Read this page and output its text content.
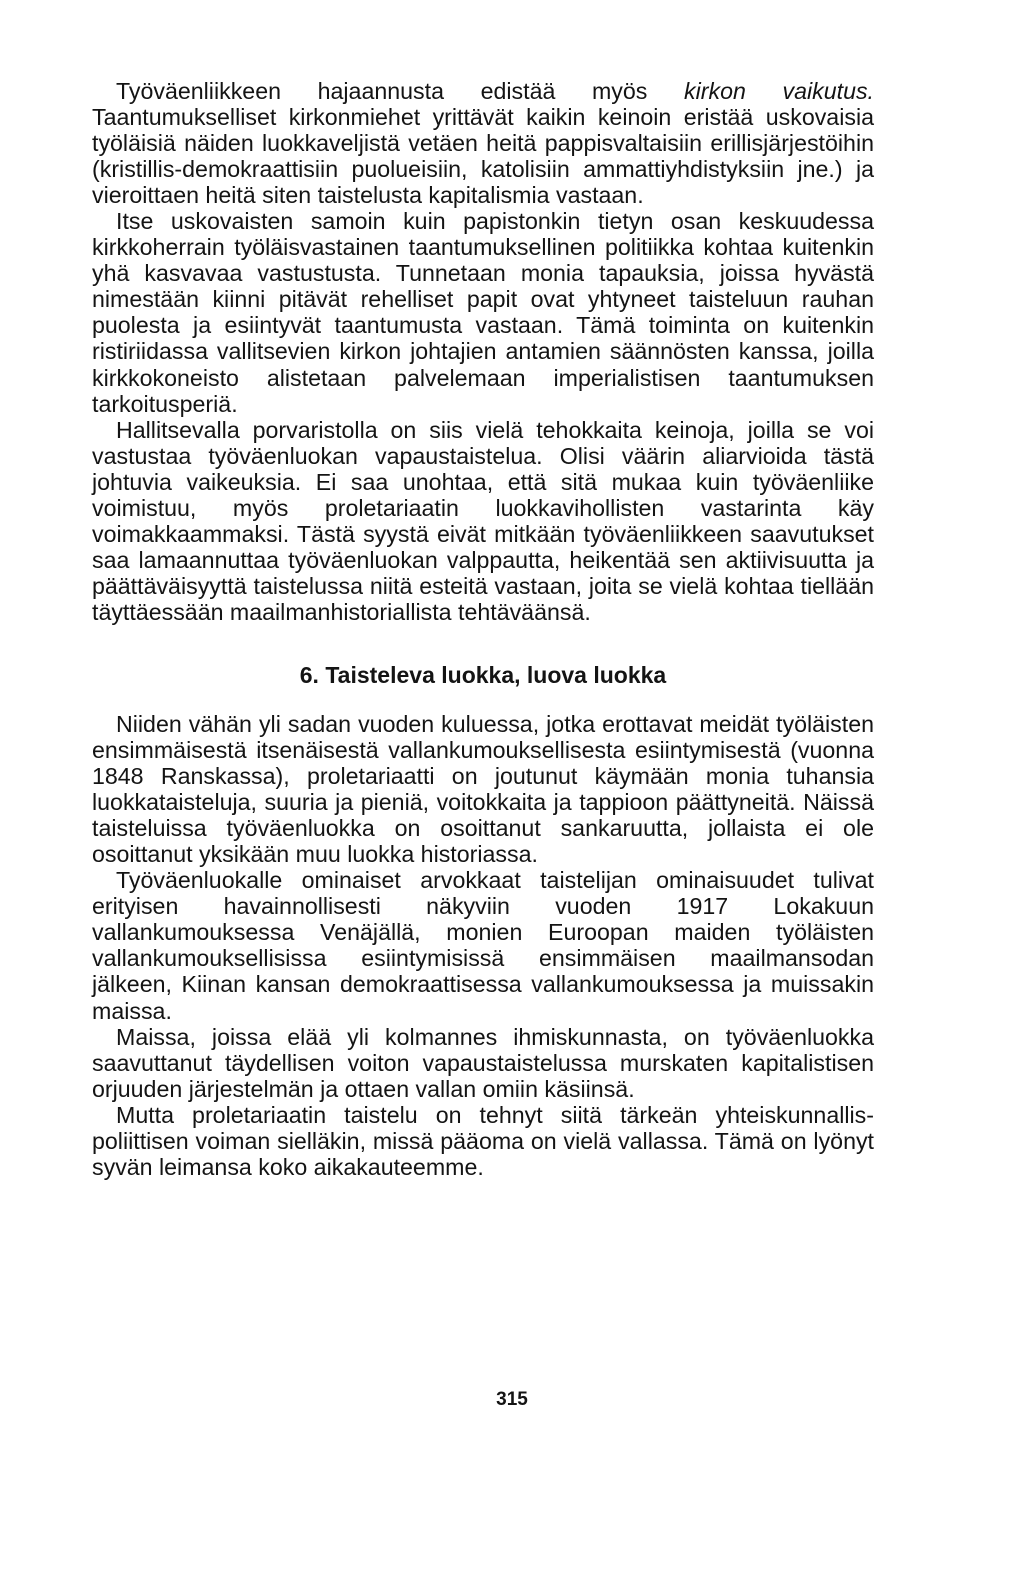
Työväenliikkeen hajaannusta edistää myös kirkon vaikutus. Taantumukselliset kirkonmiehet yrittävät kaikin keinoin eristää uskovaisia työläisiä näiden luokkaveljistä vetäen heitä pappisvaltaisiin erillisjärjestöihin (kristillis-demokraattisiin puolueisiin, katolisiin ammattiyhdistyksiin jne.) ja vieroittaen heitä siten taistelusta kapitalismia vastaan.

Itse uskovaisten samoin kuin papistonkin tietyn osan keskuudessa kirkkoherrain työläisvastainen taantumuksellinen politiikka kohtaa kuitenkin yhä kasvavaa vastustusta. Tunnetaan monia tapauksia, joissa hyvästä nimestään kiinni pitävät rehelliset papit ovat yhtyneet taisteluun rauhan puolesta ja esiintyvät taantumusta vastaan. Tämä toiminta on kuitenkin ristiriidassa vallitsevien kirkon johtajien antamien säännösten kanssa, joilla kirkkokoneisto alistetaan palvelemaan imperialistisen taantumuksen tarkoitusperiä.

Hallitsevalla porvaristolla on siis vielä tehokkaita keinoja, joilla se voi vastustaa työväenluokan vapaustaistelua. Olisi väärin aliarvioida tästä johtuvia vaikeuksia. Ei saa unohtaa, että sitä mukaa kuin työväenliike voimistuu, myös proletariaatin luokkavihollisten vastarinta käy voimakkaammaksi. Tästä syystä eivät mitkään työväenliikkeen saavutukset saa lamaannuttaa työväenluokan valppautta, heikentää sen aktiivisuutta ja päättäväisyyttä taistelussa niitä esteitä vastaan, joita se vielä kohtaa tiellään täyttäessään maailmanhistoriallista tehtäväänsä.

6. Taisteleva luokka, luova luokka

Niiden vähän yli sadan vuoden kuluessa, jotka erottavat meidät työläisten ensimmäisestä itsenäisestä vallankumouksellisesta esiintymisestä (vuonna 1848 Ranskassa), proletariaatti on joutunut käymään monia tuhansia luokkataisteluja, suuria ja pieniä, voitokkaita ja tappioon päättyneitä. Näissä taisteluissa työväenluokka on osoittanut sankaruutta, jollaista ei ole osoittanut yksikään muu luokka historiassa.

Työväenluokalle ominaiset arvokkaat taistelijan ominaisuudet tulivat erityisen havainnollisesti näkyviin vuoden 1917 Lokakuun vallankumouksessa Venäjällä, monien Euroopan maiden työläisten vallankumouksellisissa esiintymisissä ensimmäisen maailmansodan jälkeen, Kiinan kansan demokraattisessa vallankumouksessa ja muissakin maissa.

Maissa, joissa elää yli kolmannes ihmiskunnasta, on työväenluokka saavuttanut täydellisen voiton vapaustaistelussa murskaten kapitalistisen orjuuden järjestelmän ja ottaen vallan omiin käsiinsä.

Mutta proletariaatin taistelu on tehnyt siitä tärkeän yhteiskunnallis-poliittisen voiman sielläkin, missä pääoma on vielä vallassa. Tämä on lyönyt syvän leimansa koko aikakauteemme.

315
